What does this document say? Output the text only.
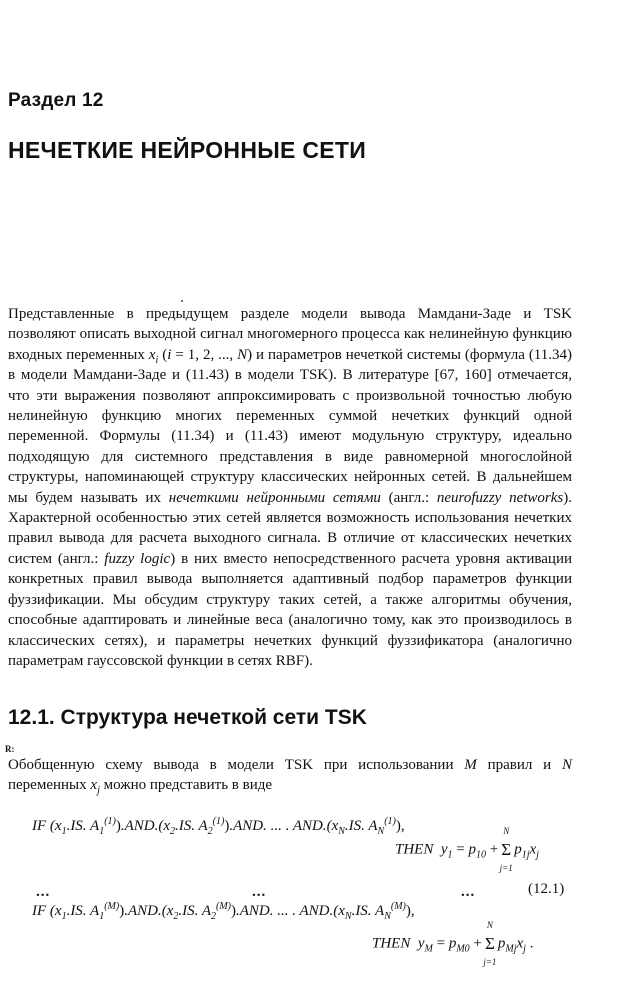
Раздел 12
НЕЧЕТКИЕ НЕЙРОННЫЕ СЕТИ
Представленные в предыдущем разделе модели вывода Мамдани-Заде и TSK позволяют описать выходной сигнал многомерного процесса как нелинейную функцию входных переменных $x_i$ (i = 1, 2, ..., N) и параметров нечеткой системы (формула (11.34) в модели Мамдани-Заде и (11.43) в модели TSK). В литературе [67, 160] отмечается, что эти выражения позволяют аппроксимировать с произвольной точностью любую нелинейную функцию многих переменных суммой нечетких функций одной переменной. Формулы (11.34) и (11.43) имеют модульную структуру, идеально подходящую для системного представления в виде равномерной многослойной структуры, напоминающей структуру классических нейронных сетей. В дальнейшем мы будем называть их нечеткими нейронными сетями (англ.: neurofuzzy networks). Характерной особенностью этих сетей является возможность использования нечетких правил вывода для расчета выходного сигнала. В отличие от классических нечетких систем (англ.: fuzzy logic) в них вместо непосредственного расчета уровня активации конкретных правил вывода выполняется адаптивный подбор параметров функции фуззификации. Мы обсудим структуру таких сетей, а также алгоритмы обучения, способные адаптировать и линейные веса (аналогично тому, как это производилось в классических сетях), и параметры нечетких функций фуззификатора (аналогично параметрам гауссовской функции в сетях RBF).
12.1. Структура нечеткой сети TSK
R:
Обобщенную схему вывода в модели TSK при использовании M правил и N переменных $x_j$ можно представить в виде
IF ($x_1.IS$. $A_1^{(1)}).AND.(x_2.IS$. $A_2^{(1)}).AND$. ... . $AND.(x_N.IS$. $A_N^{(1)}$),
THEN $y_1 = p_{10}$ +
N
Σ
j=1
$p_{1j}x_j$
...	...	...	(12.1)
IF ($x_1.IS$. $A_1^{(M)}).AND.(x_2.IS$. $A_2^{(M)}).AND$. ... . $AND.(x_N.IS$. $A_N^{(M)}$),
THEN $y_M = p_{M0}$ +
N
Σ
j=1
$p_{Mj}x_j$ .
